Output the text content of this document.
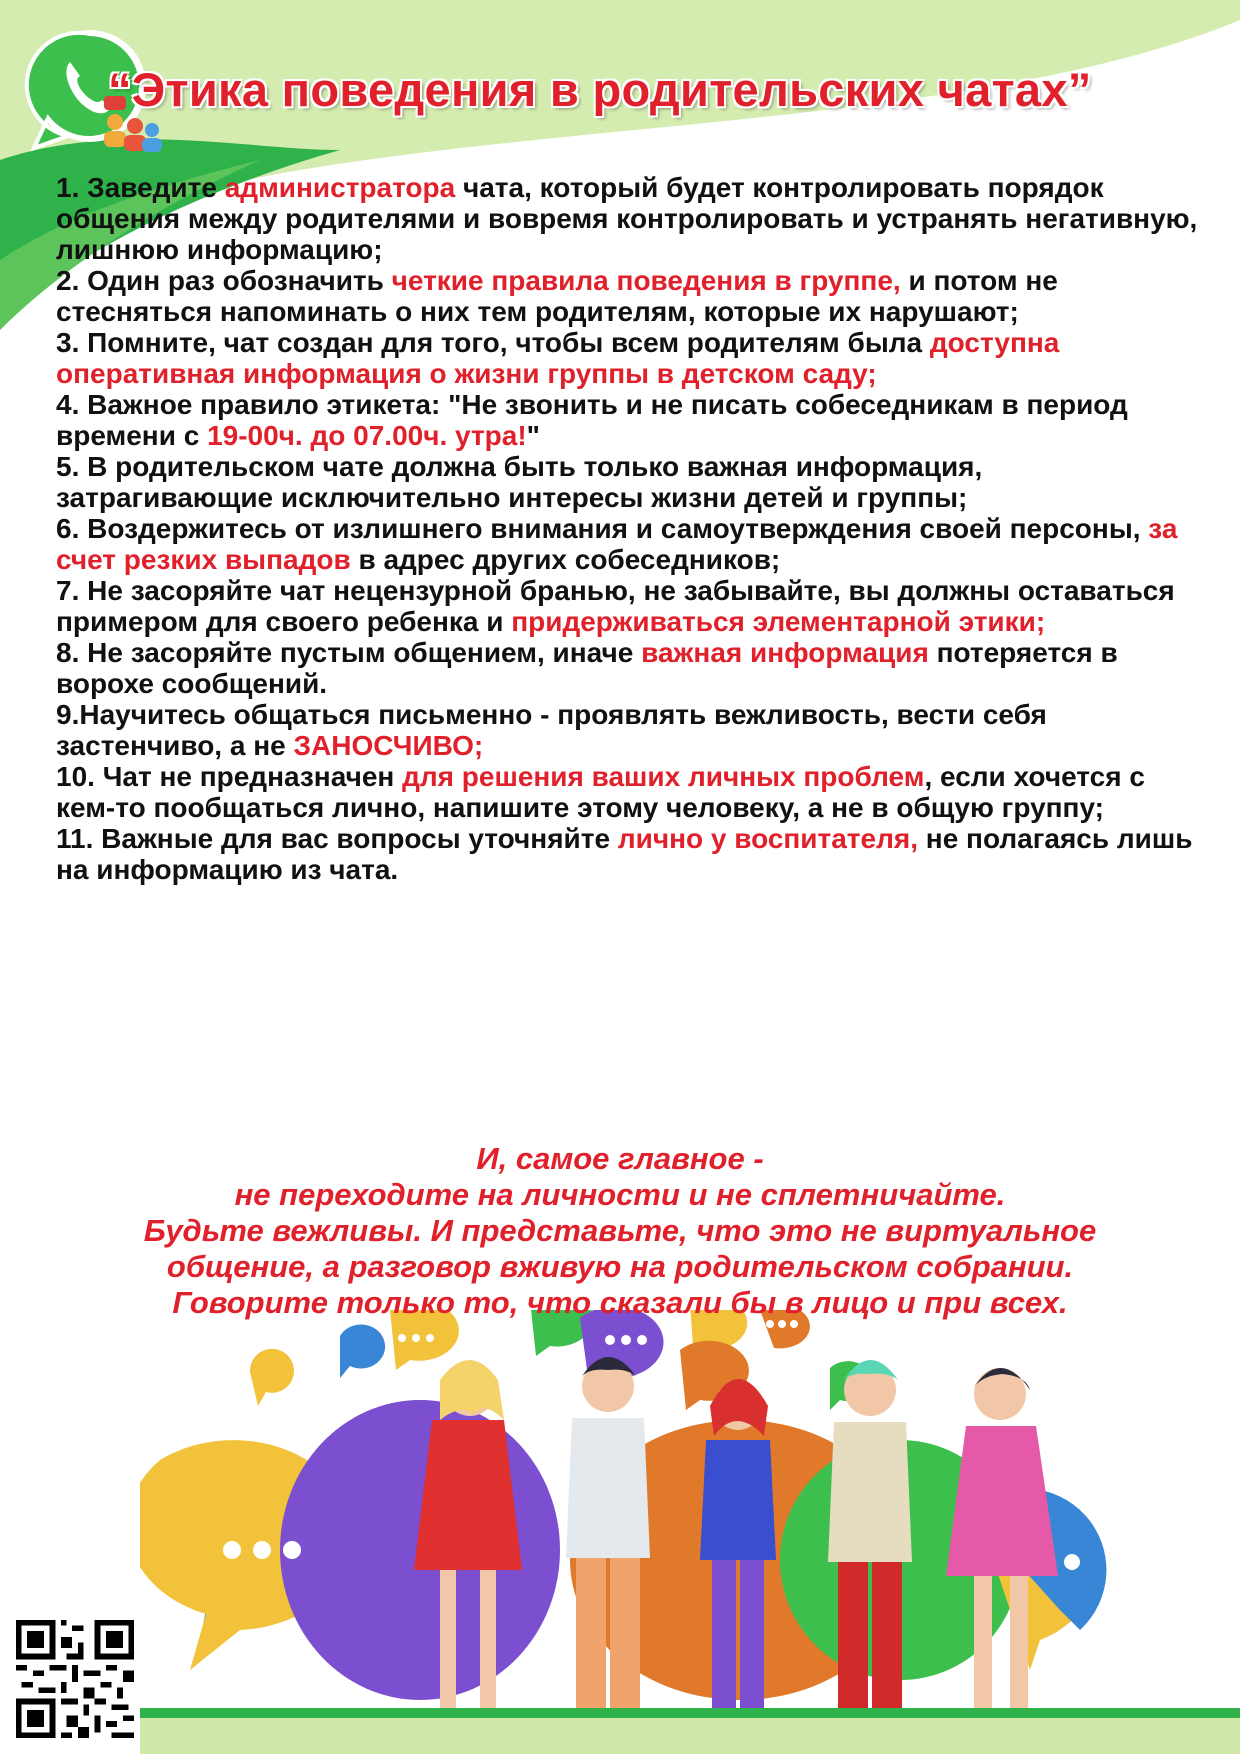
“Этика поведения в родительских чатах”

1. Заведите администратора чата, который будет контролировать порядок общения между родителями и вовремя контролировать и устранять негативную, лишнюю информацию;

2. Один раз обозначить четкие правила поведения в группе, и потом не стесняться напоминать о них тем родителям, которые их нарушают;

3. Помните, чат создан для того, чтобы всем родителям была доступна оперативная информация о жизни группы в детском саду;

4. Важное правило этикета: "Не звонить и не писать собеседникам в период времени с 19-00ч. до 07.00ч. утра!"

5. В родительском чате должна быть только важная информация, затрагивающие исключительно интересы жизни детей и группы;

6. Воздержитесь от излишнего внимания и самоутверждения своей персоны, за счет резких выпадов в адрес других собеседников;

7. Не засоряйте чат нецензурной бранью, не забывайте, вы должны оставаться примером для своего ребенка и придерживаться элементарной этики;

8. Не засоряйте пустым общением, иначе важная информация потеряется в ворохе сообщений.

9.Научитесь общаться письменно - проявлять вежливость, вести себя застенчиво, а не ЗАНОСЧИВО;

10. Чат не предназначен для решения ваших личных проблем, если хочется с кем-то пообщаться лично, напишите этому человеку, а не в общую группу;

11. Важные для вас вопросы уточняйте лично у воспитателя, не полагаясь лишь на информацию из чата.

И, самое главное -
не переходите на личности и не сплетничайте.
Будьте вежливы. И представьте, что это не виртуальное
общение, а разговор вживую на родительском собрании.
Говорите только то, что сказали бы в лицо и при всех.
